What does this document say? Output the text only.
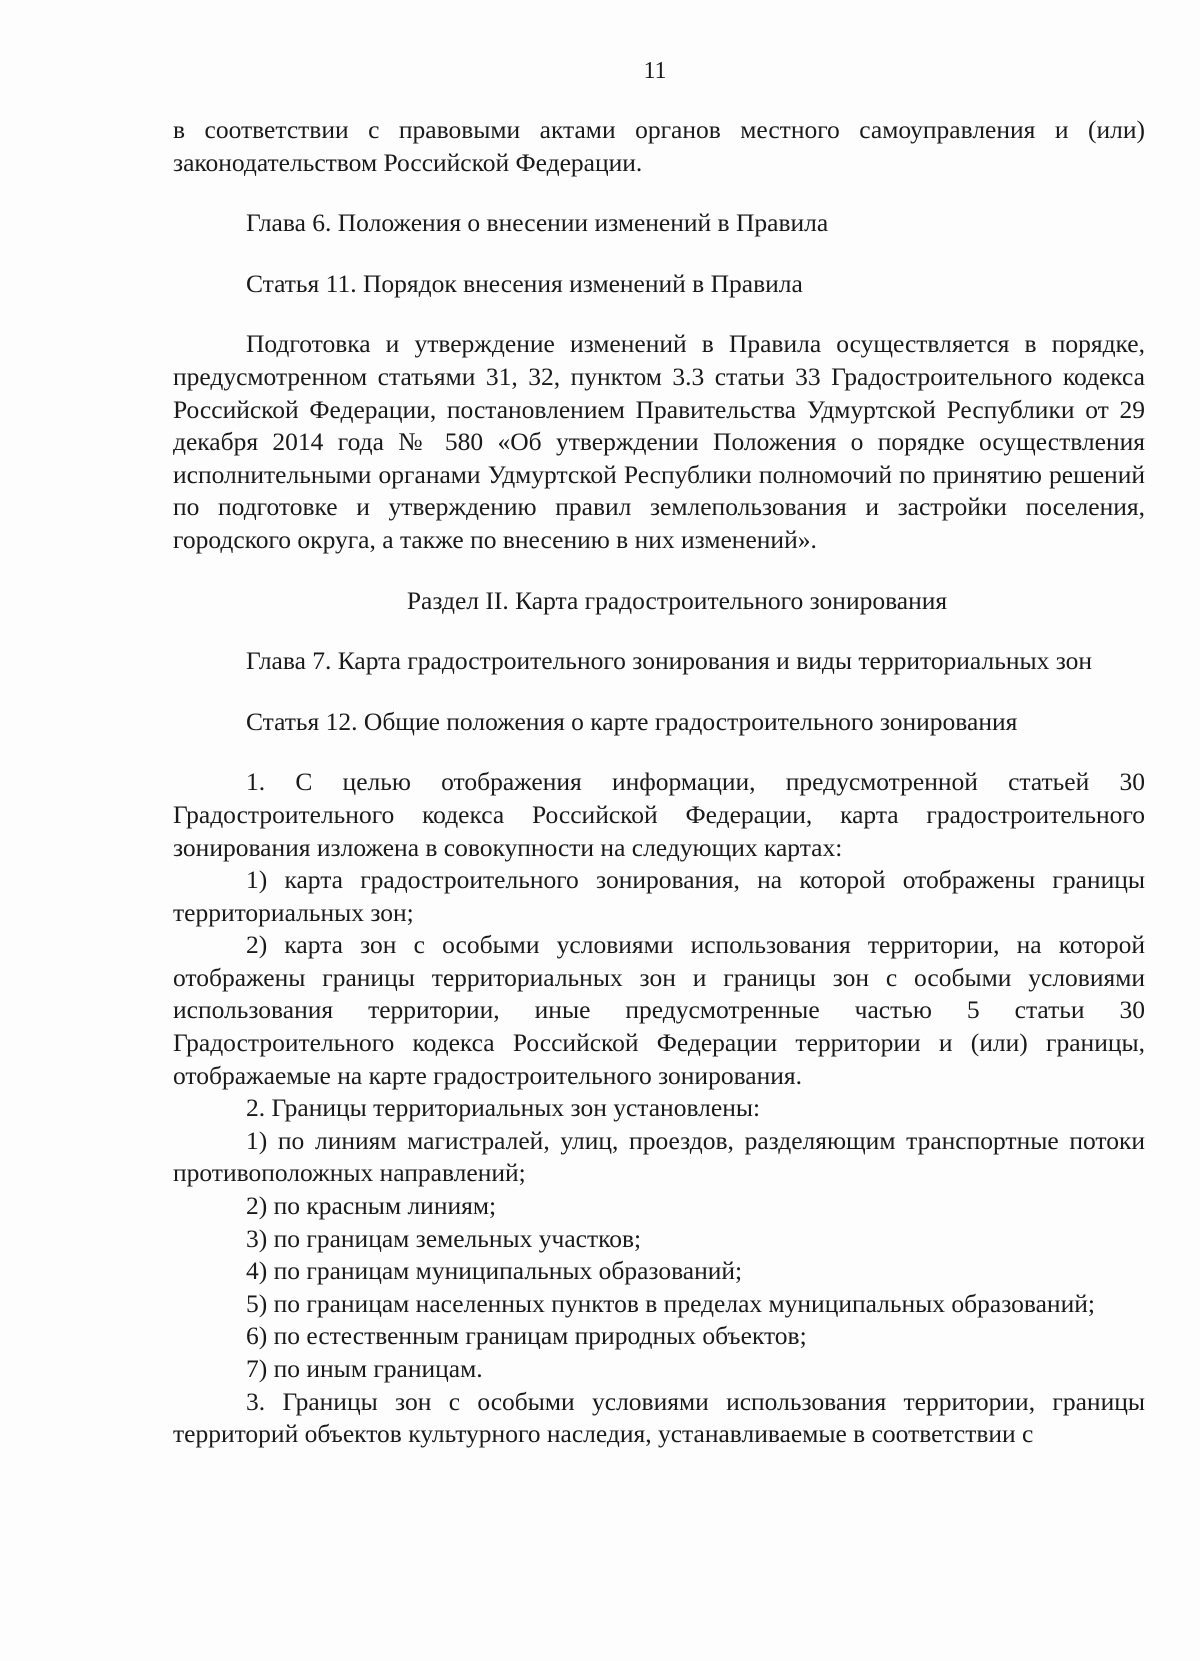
11

в соответствии с правовыми актами органов местного самоуправления и (или) законодательством Российской Федерации.

Глава 6. Положения о внесении изменений в Правила

Статья 11. Порядок внесения изменений в Правила

Подготовка и утверждение изменений в Правила осуществляется в порядке, предусмотренном статьями 31, 32, пунктом 3.3 статьи 33 Градостроительного кодекса Российской Федерации, постановлением Правительства Удмуртской Республики от 29 декабря 2014 года № 580 «Об утверждении Положения о порядке осуществления исполнительными органами Удмуртской Республики полномочий по принятию решений по подготовке и утверждению правил землепользования и застройки поселения, городского округа, а также по внесению в них изменений».

Раздел II. Карта градостроительного зонирования

Глава 7. Карта градостроительного зонирования и виды территориальных зон

Статья 12. Общие положения о карте градостроительного зонирования

1. С целью отображения информации, предусмотренной статьей 30 Градостроительного кодекса Российской Федерации, карта градостроительного зонирования изложена в совокупности на следующих картах:

1) карта градостроительного зонирования, на которой отображены границы территориальных зон;

2) карта зон с особыми условиями использования территории, на которой отображены границы территориальных зон и границы зон с особыми условиями использования территории, иные предусмотренные частью 5 статьи 30 Градостроительного кодекса Российской Федерации территории и (или) границы, отображаемые на карте градостроительного зонирования.

2. Границы территориальных зон установлены:

1) по линиям магистралей, улиц, проездов, разделяющим транспортные потоки противоположных направлений;

2) по красным линиям;

3) по границам земельных участков;

4) по границам муниципальных образований;

5) по границам населенных пунктов в пределах муниципальных образований;

6) по естественным границам природных объектов;

7) по иным границам.

3. Границы зон с особыми условиями использования территории, границы территорий объектов культурного наследия, устанавливаемые в соответствии с
